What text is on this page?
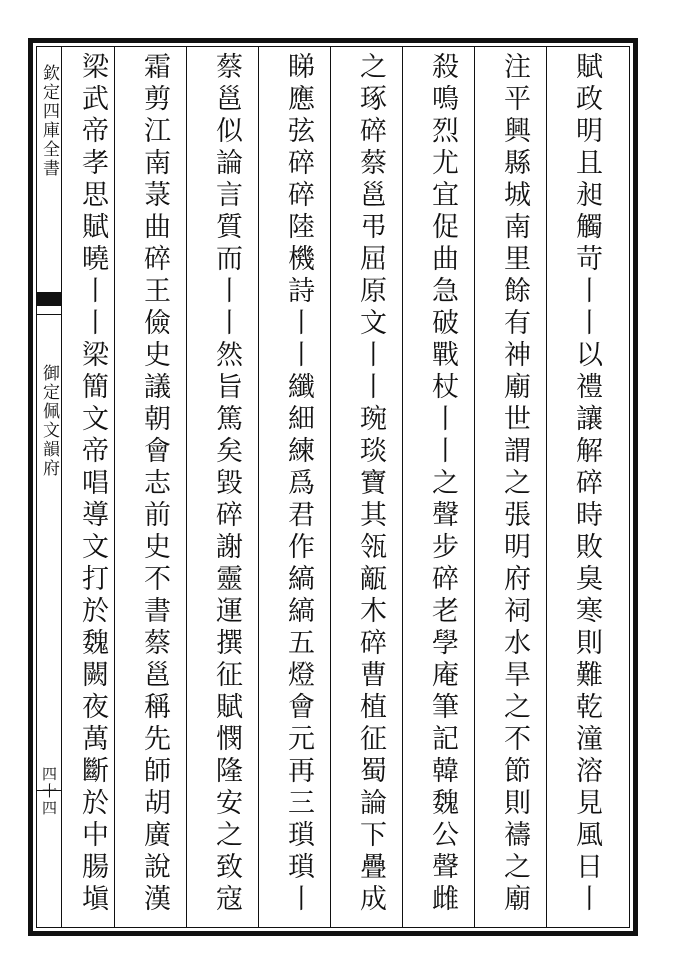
欽定四庫全書
御定佩文韻府
四十四
賦政明且昶觸苛丨丨以禮讓解碎時敗臭寒則難乾潼溶見風日丨
注平興縣城南里餘有神廟世謂之張明府祠水旱之不節則禱之廟
殺鳴烈尤宜促曲急破戰杖丨丨之聲步碎老學庵筆記韓魏公聲雌
之琢碎蔡邕弔屈原文丨丨琬琰寶其瓴甋木碎曹植征蜀論下疊成
睇應弦碎碎陸機詩丨丨纖細練爲君作縞縞五燈會元再三瑣瑣丨
蔡邕似論言質而丨丨然旨篤矣毀碎謝靈運撰征賦憫隆安之致寇
霜剪江南菉曲碎王儉史議朝會志前史不書蔡邕稱先師胡廣說漢
梁武帝孝思賦曉丨丨梁簡文帝唱導文打於魏闕夜萬斷於中腸塡
